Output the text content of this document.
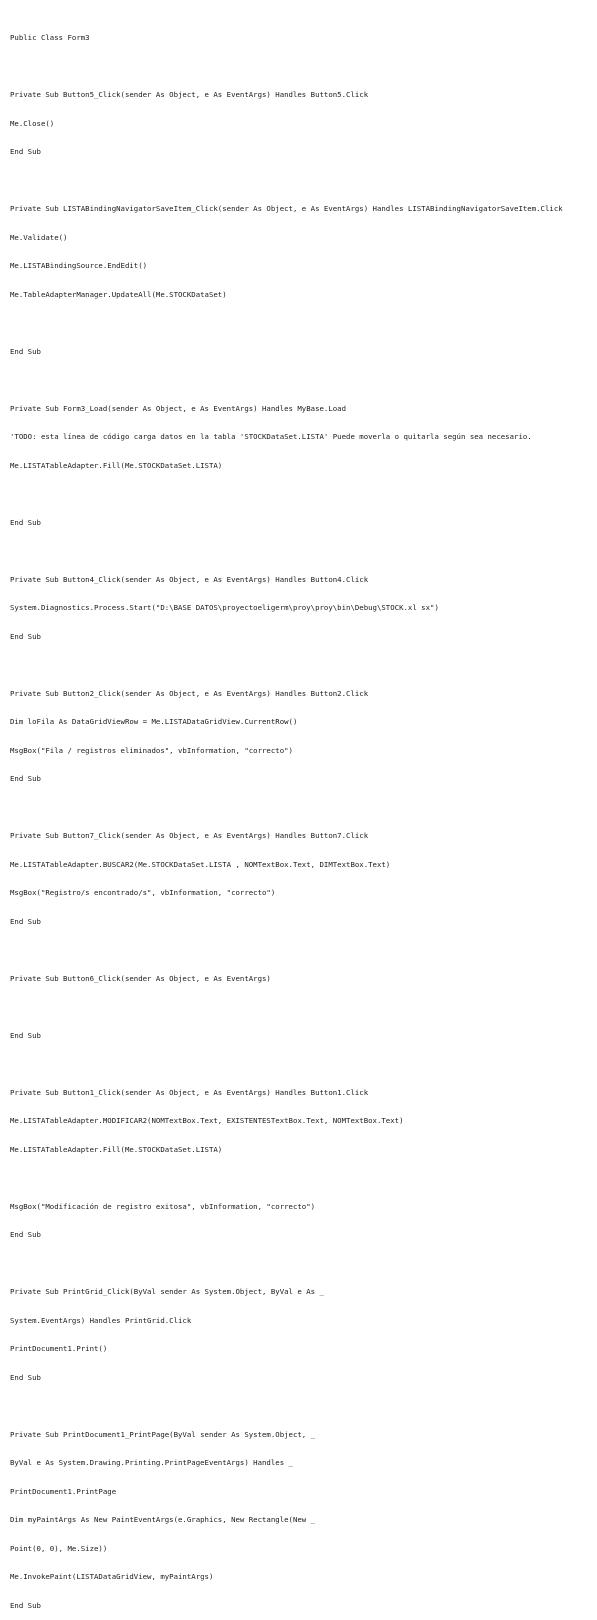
Public Class Form3

Private Sub Button5_Click(sender As Object, e As EventArgs) Handles Button5.Click

Me.Close()

End Sub

Private Sub LISTABindingNavigatorSaveItem_Click(sender As Object, e As EventArgs) Handles LISTABindingNavigatorSaveItem.Click

Me.Validate()

Me.LISTABindingSource.EndEdit()

Me.TableAdapterManager.UpdateAll(Me.STOCKDataSet)

End Sub

Private Sub Form3_Load(sender As Object, e As EventArgs) Handles MyBase.Load

'TODO: esta línea de código carga datos en la tabla 'STOCKDataSet.LISTA' Puede moverla o quitarla según sea necesario.

Me.LISTATableAdapter.Fill(Me.STOCKDataSet.LISTA)

End Sub

Private Sub Button4_Click(sender As Object, e As EventArgs) Handles Button4.Click

System.Diagnostics.Process.Start("D:\BASE DATOS\proyectoeligerm\proy\proy\bin\Debug\STOCK.xl sx")

End Sub

Private Sub Button2_Click(sender As Object, e As EventArgs) Handles Button2.Click

Dim loFila As DataGridViewRow = Me.LISTADataGridView.CurrentRow()

MsgBox("Fila / registros eliminados", vbInformation, "correcto")

End Sub

Private Sub Button7_Click(sender As Object, e As EventArgs) Handles Button7.Click

Me.LISTATableAdapter.BUSCAR2(Me.STOCKDataSet.LISTA , NOMTextBox.Text, DIMTextBox.Text)

MsgBox("Registro/s encontrado/s", vbInformation, "correcto")

End Sub

Private Sub Button6_Click(sender As Object, e As EventArgs)

End Sub

Private Sub Button1_Click(sender As Object, e As EventArgs) Handles Button1.Click

Me.LISTATableAdapter.MODIFICAR2(NOMTextBox.Text, EXISTENTESTextBox.Text, NOMTextBox.Text)

Me.LISTATableAdapter.Fill(Me.STOCKDataSet.LISTA)

MsgBox("Modificación de registro exitosa", vbInformation, "correcto")

End Sub

Private Sub PrintGrid_Click(ByVal sender As System.Object, ByVal e As _

System.EventArgs) Handles PrintGrid.Click

PrintDocument1.Print()

End Sub

Private Sub PrintDocument1_PrintPage(ByVal sender As System.Object, _

ByVal e As System.Drawing.Printing.PrintPageEventArgs) Handles _

PrintDocument1.PrintPage

Dim myPaintArgs As New PaintEventArgs(e.Graphics, New Rectangle(New _

Point(0, 0), Me.Size))

Me.InvokePaint(LISTADataGridView, myPaintArgs)

End Sub
